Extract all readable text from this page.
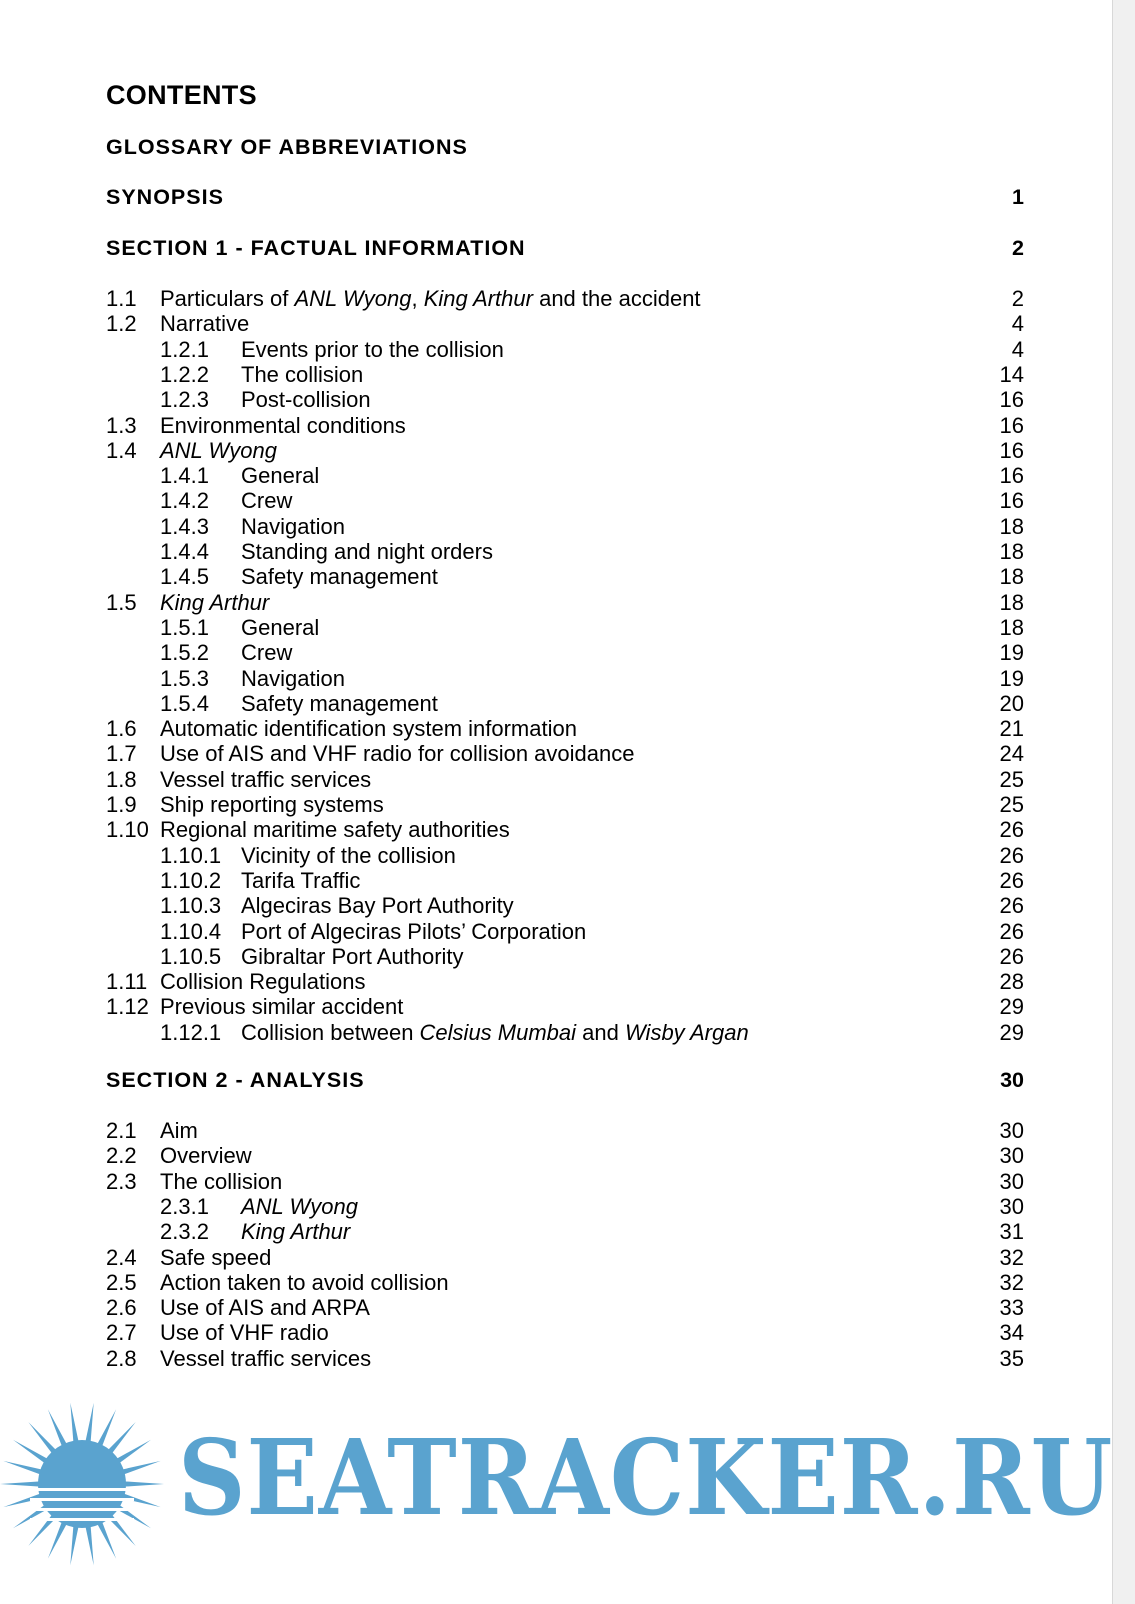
CONTENTS
GLOSSARY OF ABBREVIATIONS
SYNOPSIS	1
SECTION 1 - FACTUAL INFORMATION	2
1.1 Particulars of ANL Wyong, King Arthur and the accident	2
1.2 Narrative	4
1.2.1 Events prior to the collision	4
1.2.2 The collision	14
1.2.3 Post-collision	16
1.3 Environmental conditions	16
1.4 ANL Wyong	16
1.4.1 General	16
1.4.2 Crew	16
1.4.3 Navigation	18
1.4.4 Standing and night orders	18
1.4.5 Safety management	18
1.5 King Arthur	18
1.5.1 General	18
1.5.2 Crew	19
1.5.3 Navigation	19
1.5.4 Safety management	20
1.6 Automatic identification system information	21
1.7 Use of AIS and VHF radio for collision avoidance	24
1.8 Vessel traffic services	25
1.9 Ship reporting systems	25
1.10 Regional maritime safety authorities	26
1.10.1 Vicinity of the collision	26
1.10.2 Tarifa Traffic	26
1.10.3 Algeciras Bay Port Authority	26
1.10.4 Port of Algeciras Pilots’ Corporation	26
1.10.5 Gibraltar Port Authority	26
1.11 Collision Regulations	28
1.12 Previous similar accident	29
1.12.1 Collision between Celsius Mumbai and Wisby Argan	29
SECTION 2 - ANALYSIS	30
2.1 Aim	30
2.2 Overview	30
2.3 The collision	30
2.3.1 ANL Wyong	30
2.3.2 King Arthur	31
2.4 Safe speed	32
2.5 Action taken to avoid collision	32
2.6 Use of AIS and ARPA	33
2.7 Use of VHF radio	34
2.8 Vessel traffic services	35
SEATRACKER.RU
